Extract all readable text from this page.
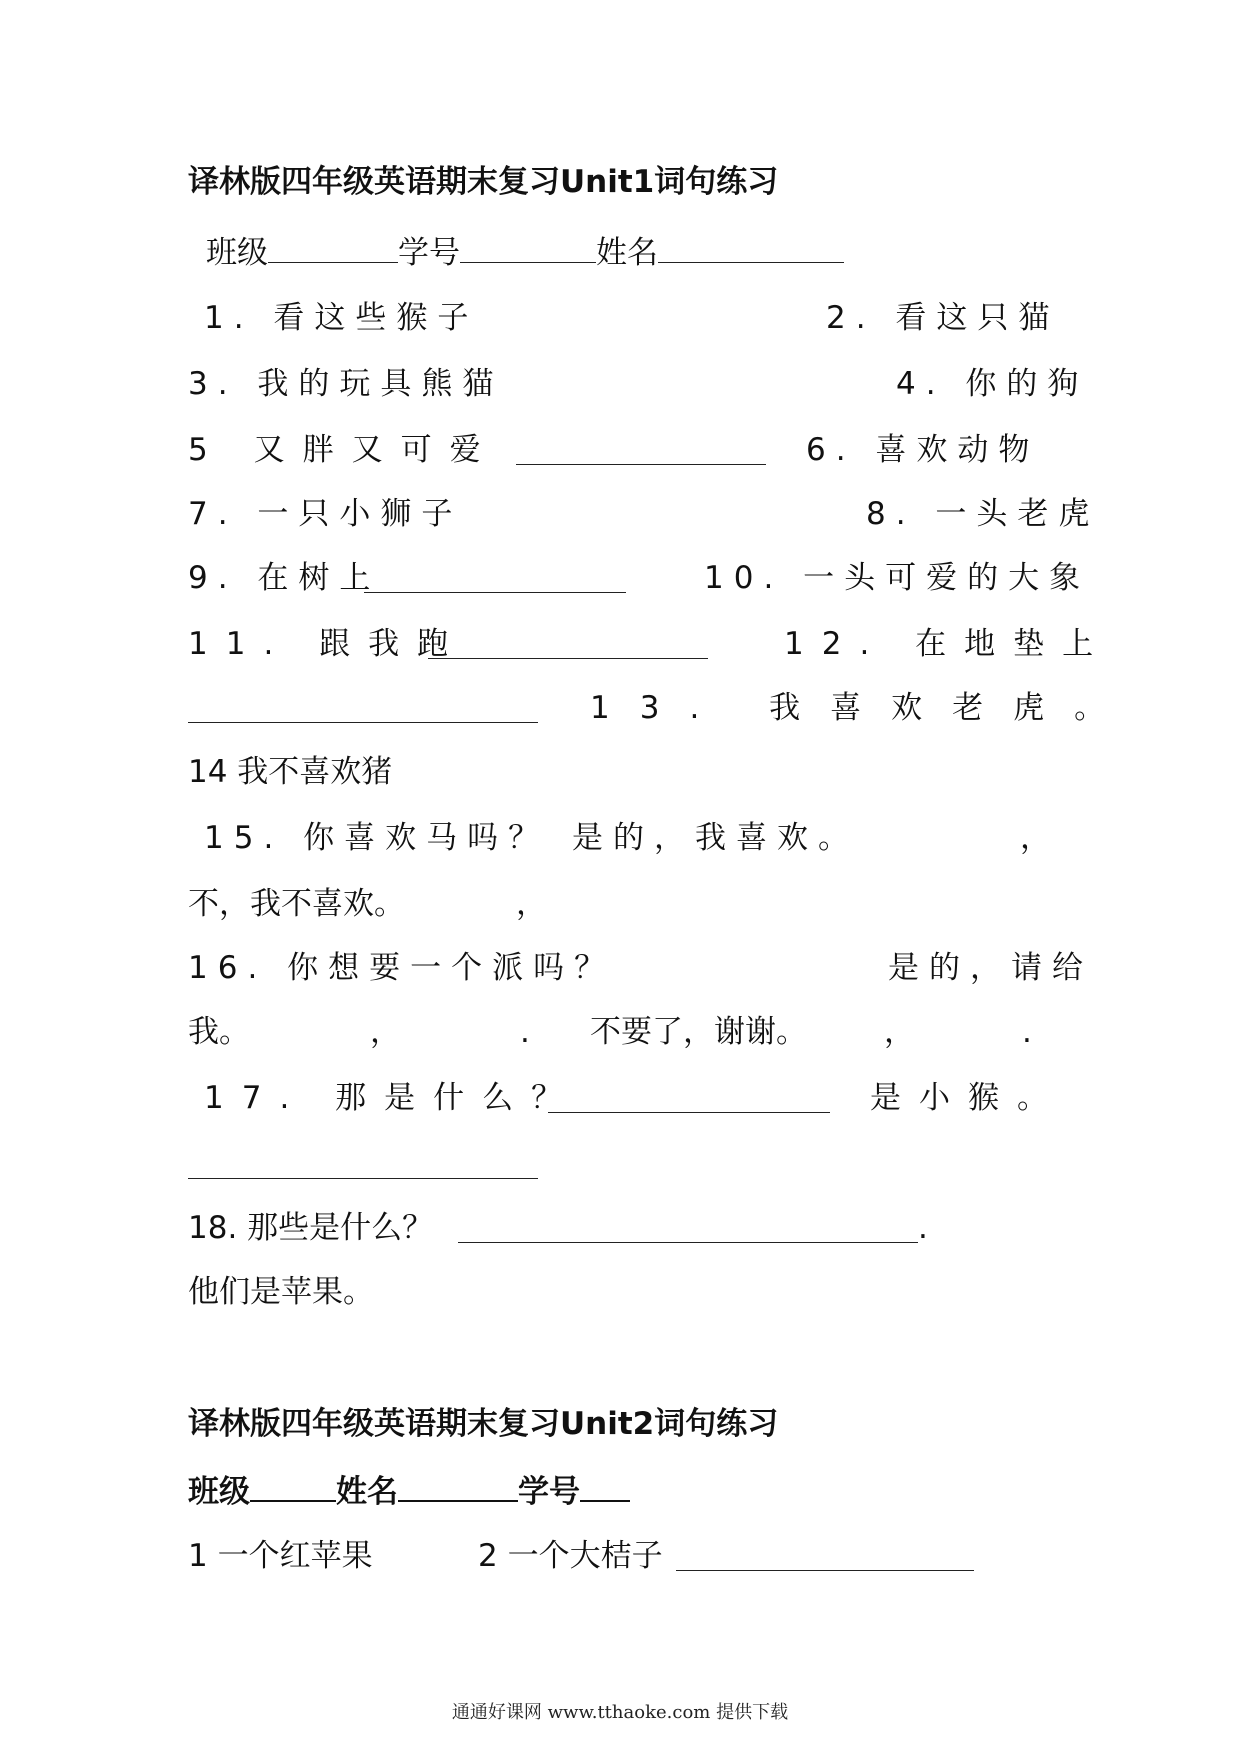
译林版四年级英语期末复习Unit1词句练习
班级	学号	姓名
1. 看这些猴子	2. 看这只猫
3. 我的玩具熊猫	4. 你的狗
5 又胖又可爱	6. 喜欢动物
7. 一只小狮子	8. 一头老虎
9. 在树上	10. 一头可爱的大象
11. 跟我跑	12. 在地垫上
13. 我喜欢老虎。
14 我不喜欢猪
15. 你喜欢马吗？ 是的，我喜欢。	，
不，我不喜欢。	，
16. 你想要一个派吗？	是的，请给
我。	，	. 不要了，谢谢。 ，	.
17. 那是什么？	是小猴。
18. 那些是什么？	.
他们是苹果。
译林版四年级英语期末复习Unit2词句练习
班级	姓名	学号
1 一个红苹果	2 一个大桔子
通通好课网 www.tthaoke.com 提供下载
